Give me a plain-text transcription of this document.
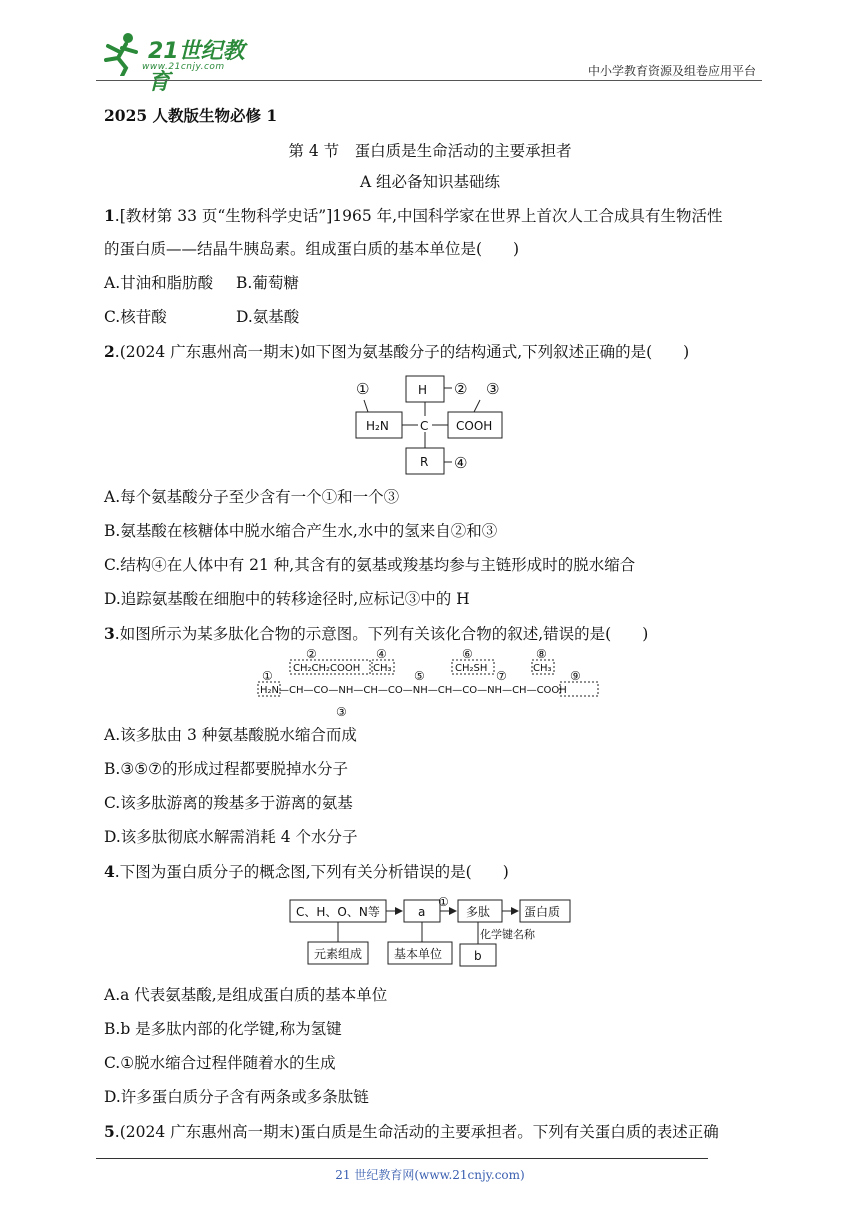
21世纪教育
www.21cnjy.com	中小学教育资源及组卷应用平台
2025 人教版生物必修 1
第 4 节　蛋白质是生命活动的主要承担者
A 组必备知识基础练
1.[教材第 33 页“生物科学史话”]1965 年,中国科学家在世界上首次人工合成具有生物活性
的蛋白质——结晶牛胰岛素。组成蛋白质的基本单位是(　　)
A.甘油和脂肪酸 B.葡萄糖
C.核苷酸	D.氨基酸
2.(2024 广东惠州高一期末)如下图为氨基酸分子的结构通式,下列叙述正确的是(　　)
①	H ② ③
H₂N	C COOH
R ④
A.每个氨基酸分子至少含有一个①和一个③
B.氨基酸在核糖体中脱水缩合产生水,水中的氢来自②和③
C.结构④在人体中有 21 种,其含有的氨基或羧基均参与主链形成时的脱水缩合
D.追踪氨基酸在细胞中的转移途径时,应标记③中的 H
3.如图所示为某多肽化合物的示意图。下列有关该化合物的叙述,错误的是(　　)
②	④	⑥	⑧
CH₂CH₂COOH CH₃	CH₂SH	CH₃
①	⑤	⑦	⑨
H₂N—CH—CO—NH—CH—CO—NH—CH—CO—NH—CH—COOH
③
A.该多肽由 3 种氨基酸脱水缩合而成
B.③⑤⑦的形成过程都要脱掉水分子
C.该多肽游离的羧基多于游离的氨基
D.该多肽彻底水解需消耗 4 个水分子
4.下图为蛋白质分子的概念图,下列有关分析错误的是(　　)
C、H、O、N等	a
①
多肽	蛋白质
元素组成	基本单位
化学键名称
b
A.a 代表氨基酸,是组成蛋白质的基本单位
B.b 是多肽内部的化学键,称为氢键
C.①脱水缩合过程伴随着水的生成
D.许多蛋白质分子含有两条或多条肽链
5.(2024 广东惠州高一期末)蛋白质是生命活动的主要承担者。下列有关蛋白质的表述正确
21 世纪教育网(www.21cnjy.com)
